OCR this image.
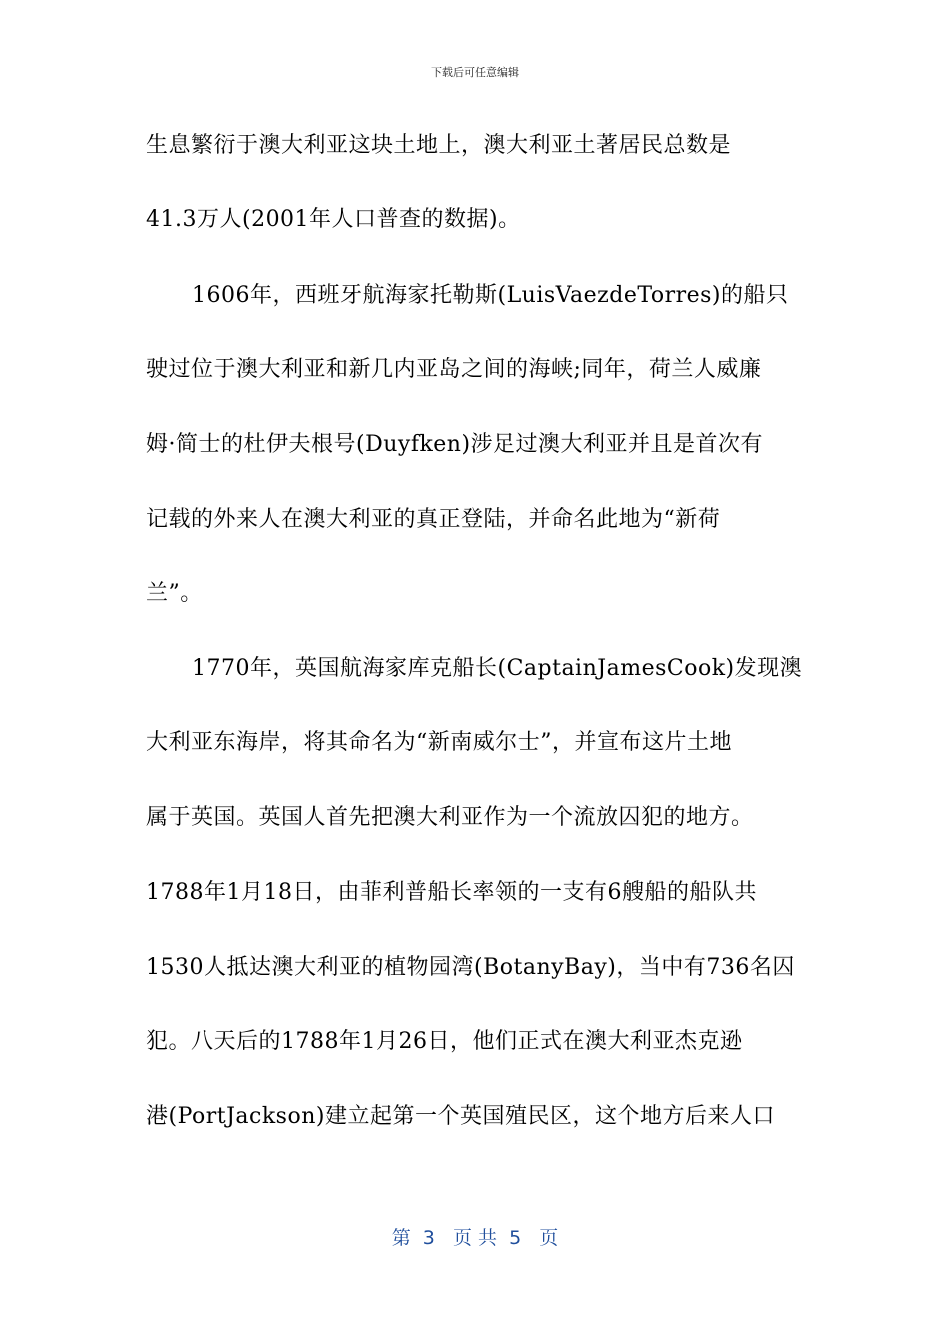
下载后可任意编辑
生息繁衍于澳大利亚这块土地上，澳大利亚土著居民总数是
41.3万人(2001年人口普查的数据)。
1606年，西班牙航海家托勒斯(LuisVaezdeTorres)的船只
驶过位于澳大利亚和新几内亚岛之间的海峡;同年，荷兰人威廉
姆·简士的杜伊夫根号(Duyfken)涉足过澳大利亚并且是首次有
记载的外来人在澳大利亚的真正登陆，并命名此地为“新荷
兰”。
1770年，英国航海家库克船长(CaptainJamesCook)发现澳
大利亚东海岸，将其命名为“新南威尔士”，并宣布这片土地
属于英国。英国人首先把澳大利亚作为一个流放囚犯的地方。
1788年1月18日，由菲利普船长率领的一支有6艘船的船队共
1530人抵达澳大利亚的植物园湾(BotanyBay)，当中有736名囚
犯。八天后的1788年1月26日，他们正式在澳大利亚杰克逊
港(PortJackson)建立起第一个英国殖民区，这个地方后来人口
第  3   页 共  5   页
